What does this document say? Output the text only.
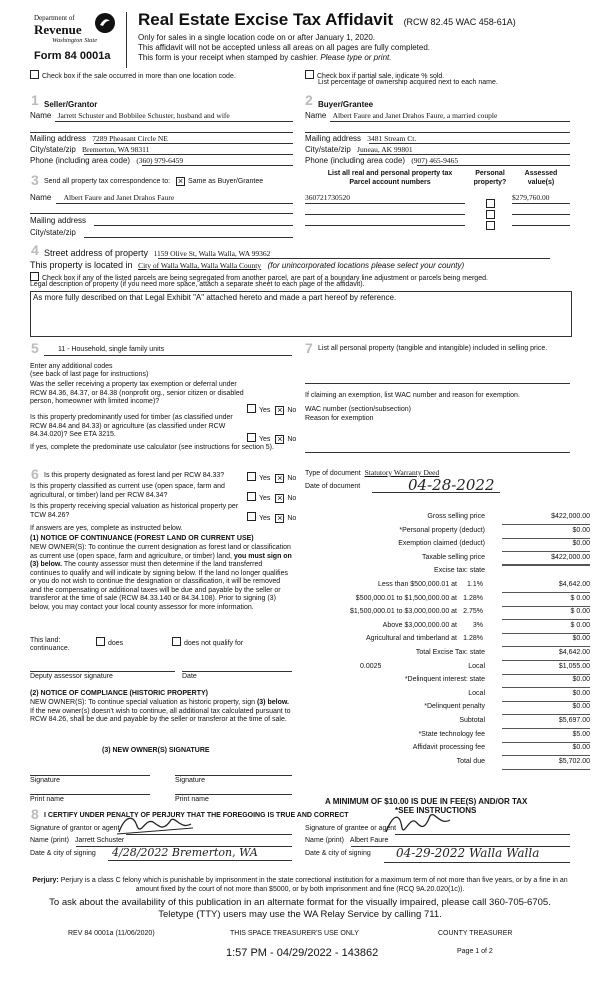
Department of
Revenue
Washington State
Form 84 0001a
Real Estate Excise Tax Affidavit (RCW 82.45 WAC 458-61A)
Only for sales in a single location code on or after January 1, 2020.
This affidavit will not be accepted unless all areas on all pages are fully completed.
This form is your receipt when stamped by cashier. Please type or print.
Check box if the sale occurred in more than one location code.	Check box if partial sale, indicate % sold.
List percentage of ownership acquired next to each name.
1 Seller/Grantor
Name Jarrett Schuster and Bobbilee Schuster, husband and wife
Mailing address 7289 Pheasant Circle NE
City/state/zip Bremerton, WA 98311
Phone (including area code) (360) 979-6459
2 Buyer/Grantee
Name Albert Faure and Janet Drahos Faure, a married couple
Mailing address 3481 Stream Ct.
City/state/zip Juneau, AK 99801
Phone (including area code) (907) 465-9465
3 Send all property tax correspondence to: ×	Same as Buyer/Grantee
Name Albert Faure and Janet Drahos Faure
Mailing address
City/state/zip
List all real and personal property tax
Parcel account numbers
Personal
property?
Assessed
value(s)
360721730520	$279,760.00
4 Street address of property 1159 Olive St, Walla Walla, WA 99362
This property is located in City of Walla Walla, Walla Walla County (for unincorporated locations please select your county)
Check box if any of the listed parcels are being segregated from another parcel, are part of a boundary line adjustment or parcels being merged.
Legal description of property (if you need more space, attach a separate sheet to each page of the affidavit).
As more fully described on that Legal Exhibit "A" attached hereto and made a part hereof by reference.
5	11 - Household, single family units
Enter any additional codes
(see back of last page for instructions)
Was the seller receiving a property tax exemption or deferral under RCW 84.36, 84.37, or 84.38 (nonprofit org., senior citizen or disabled person, homeowner with limited income)?
Yes × No
Is this property predominantly used for timber (as classified under RCW 84.84 and 84.33) or agriculture (as classified under RCW 84.34.020)? See ETA 3215.
Yes × No
If yes, complete the predominate use calculator (see instructions for section 5).
7 List all personal property (tangible and intangible) included in selling price.
If claiming an exemption, list WAC number and reason for exemption.
WAC number (section/subsection)
Reason for exemption
Type of document Statutory Warranty Deed
Date of document	04-28-2022
6 Is this property designated as forest land per RCW 84.33?	Yes × No
Is this property classified as current use (open space, farm and agricultural, or timber) land per RCW 84.34?	Yes × No
Is this property receiving special valuation as historical property per TCW 84.26?	Yes × No
If answers are yes, complete as instructed below.
(1) NOTICE OF CONTINUANCE (FOREST LAND OR CURRENT USE)
NEW OWNER(S): To continue the current designation as forest land or classification as current use (open space, farm and agriculture, or timber) land, you must sign on (3) below. The county assessor must then determine if the land transferred continues to qualify and will indicate by signing below. If the land no longer qualifies or you do not wish to continue the designation or classification, it will be removed and the compensating or additional taxes will be due and payable by the seller or transferor at the time of sale (RCW 84.33.140 or 84.34.108). Prior to signing (3) below, you may contact your local county assessor for more information.
This land:
continuance.
does	does not qualify for
Deputy assessor signature	Date
(2) NOTICE OF COMPLIANCE (HISTORIC PROPERTY)
NEW OWNER(S): To continue special valuation as historic property, sign (3) below. If the new owner(s) doesn't wish to continue, all additional tax calculated pursuant to RCW 84.26, shall be due and payable by the seller or transferor at the time of sale.
(3) NEW OWNER(S) SIGNATURE
Signature	Signature
Print name	Print name
Gross selling price	$422,000.00
*Personal property (deduct)	$0.00
Exemption claimed (deduct)	$0.00
Taxable selling price	$422,000.00
Excise tax: state
Less than $500,000.01 at	1.1%	$4,642.00
$500,000.01 to $1,500,000.00 at 1.28%	$ 0.00
$1,500,000.01 to $3,000,000.00 at 2.75%	$ 0.00
Above $3,000,000.00 at	3%	$ 0.00
Agricultural and timberland at 1.28%	$0.00
Total Excise Tax: state	$4,642.00
0.0025	Local	$1,055.00
*Delinquent interest: state	$0.00
Local	$0.00
*Delinquent penalty	$0.00
Subtotal	$5,697.00
*State technology fee	$5.00
Affidavit processing fee	$0.00
Total due	$5,702.00
A MINIMUM OF $10.00 IS DUE IN FEE(S) AND/OR TAX
*SEE INSTRUCTIONS
8 I CERTIFY UNDER PENALTY OF PERJURY THAT THE FOREGOING IS TRUE AND CORRECT
Signature of grantor or agent
Name (print) Jarrett Schuster
Date & city of signing 4/28/2022 Bremerton, WA
Signature of grantee or agent
Name (print) Albert Faure
Date & city of signing 04-29-2022 Walla Walla
Perjury: Perjury is a class C felony which is punishable by imprisonment in the state correctional institution for a maximum term of not more than five years, or by a fine in an amount fixed by the court of not more than $5000, or by both imprisonment and fine (RCQ 9A.20.020(1c)).
To ask about the availability of this publication in an alternate format for the visually impaired, please call 360-705-6705.
Teletype (TTY) users may use the WA Relay Service by calling 711.
REV 84 0001a (11/06/2020)	THIS SPACE TREASURER'S USE ONLY	COUNTY TREASURER
1:57 PM - 04/29/2022 - 143862	Page 1 of 2
